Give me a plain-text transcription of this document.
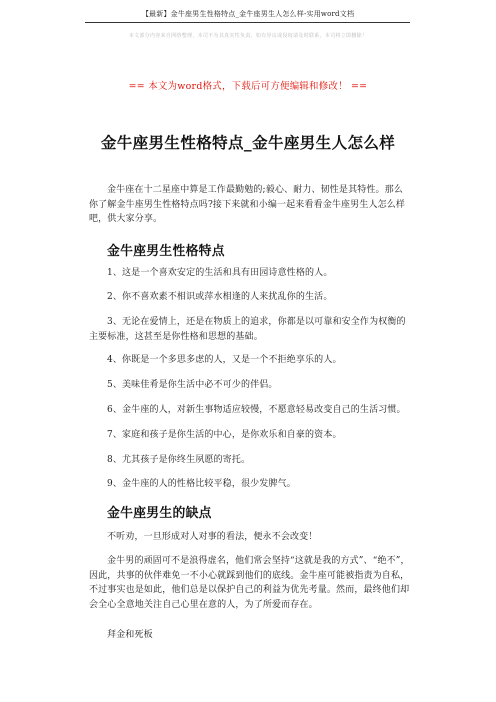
【最新】金牛座男生性格特点_金牛座男生人怎么样-实用word文档
本文部分内容来自网络整理，本司不为其真实性负责，如有异议或侵权请及时联系，本司将立即删除！
== 本文为word格式，下载后可方便编辑和修改！ ==
金牛座男生性格特点_金牛座男生人怎么样
金牛座在十二星座中算是工作最勤勉的;毅心、耐力、韧性是其特性。那么你了解金牛座男生性格特点吗?接下来就和小编一起来看看金牛座男生人怎么样吧，供大家分享。
金牛座男生性格特点
1、这是一个喜欢安定的生活和具有田园诗意性格的人。
2、你不喜欢素不相识或萍水相逢的人来扰乱你的生活。
3、无论在爱情上，还是在物质上的追求，你都是以可靠和安全作为权衡的主要标准，这甚至是你性格和思想的基础。
4、你既是一个多思多虑的人，又是一个不拒绝享乐的人。
5、美味佳肴是你生活中必不可少的伴侣。
6、金牛座的人，对新生事物适应较慢，不愿意轻易改变自己的生活习惯。
7、家庭和孩子是你生活的中心，是你欢乐和自豪的资本。
8、尤其孩子是你终生夙愿的寄托。
9、金牛座的人的性格比较平稳，很少发脾气。
金牛座男生的缺点
不听劝，一旦形成对人对事的看法，便永不会改变！
金牛男的顽固可不是浪得虚名，他们常会坚持“这就是我的方式”、“绝不”，因此，共事的伙伴难免一不小心就踩到他们的底线。金牛座可能被指责为自私，不过事实也是如此，他们总是以保护自己的利益为优先考量。然而，最终他们却会全心全意地关注自己心里在意的人，为了所爱而存在。
拜金和死板
